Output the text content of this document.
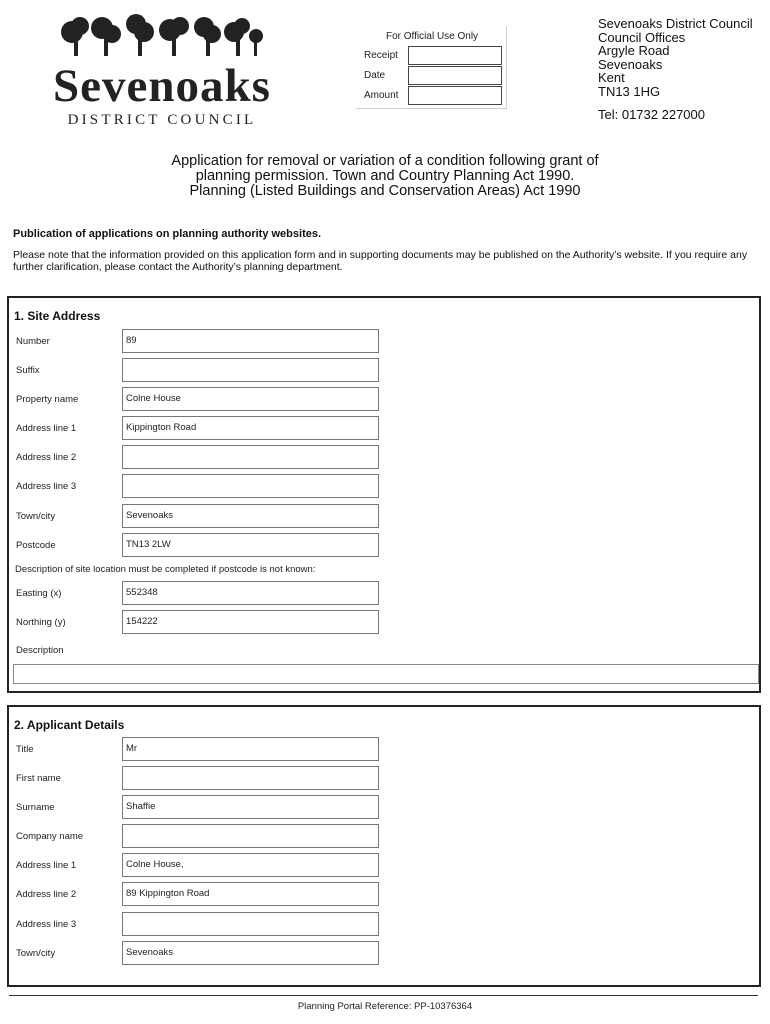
Sevenoaks
DISTRICT COUNCIL
For Official Use Only
Receipt
Date
Amount
Sevenoaks District Council
Council Offices
Argyle Road
Sevenoaks
Kent
TN13 1HG
Tel: 01732 227000
Application for removal or variation of a condition following grant of
planning permission. Town and Country Planning Act 1990.
Planning (Listed Buildings and Conservation Areas) Act 1990
Publication of applications on planning authority websites.
Please note that the information provided on this application form and in supporting documents may be published on the Authority’s website. If you require any further clarification, please contact the Authority’s planning department.
1. Site Address
Number	89
Suffix
Property name	Colne House
Address line 1	Kippington Road
Address line 2
Address line 3
Town/city	Sevenoaks
Postcode	TN13 2LW
Description of site location must be completed if postcode is not known:
Easting (x)	552348
Northing (y)	154222
Description
2. Applicant Details
Title	Mr
First name
Surname	Shaffie
Company name
Address line 1	Colne House,
Address line 2	89 Kippington Road
Address line 3
Town/city	Sevenoaks
Planning Portal Reference: PP-10376364
